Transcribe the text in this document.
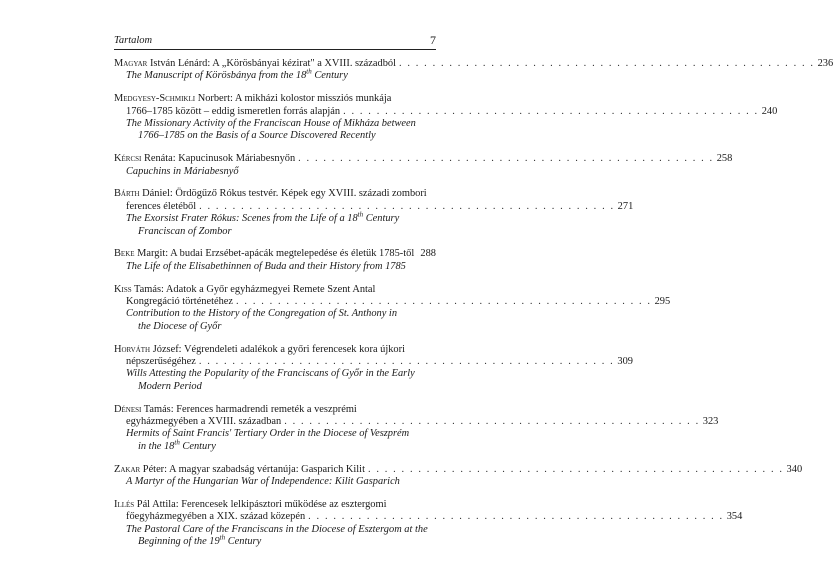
Tartalom	7
Magyar István Lénárd: A „Körösbányai kézirat" a XVIII. századból . . . . . . . . . . . . . . . . . . . . . . . . . . . . . . . . . . . . . . . . . . . . . . . . . . 236
The Manuscript of Körösbánya from the 18th Century
Medgyesy-Schmikli Norbert: A mikházi kolostor missziós munkája
1766–1785 között – eddig ismeretlen forrás alapján . . . . . . . . . . . . . . . . . . . . . . . . . . . . . . . . . . . . . . . . . . . . . . . . . . 240
The Missionary Activity of the Franciscan House of Mikháza between
1766–1785 on the Basis of a Source Discovered Recently
Kércsi Renáta: Kapucinusok Máriabesnyőn . . . . . . . . . . . . . . . . . . . . . . . . . . . . . . . . . . . . . . . . . . . . . . . . . . 258
Capuchins in Máriabesnyő
Bárth Dániel: Ördögűző Rókus testvér. Képek egy XVIII. századi zombori
ferences életéből . . . . . . . . . . . . . . . . . . . . . . . . . . . . . . . . . . . . . . . . . . . . . . . . . . 271
The Exorsist Frater Rókus: Scenes from the Life of a 18th Century
Franciscan of Zombor
Beke Margit: A budai Erzsébet-apácák megtelepedése és életük 1785-től 288
The Life of the Elisabethinnen of Buda and their History from 1785
Kiss Tamás: Adatok a Győr egyházmegyei Remete Szent Antal
Kongregáció történetéhez . . . . . . . . . . . . . . . . . . . . . . . . . . . . . . . . . . . . . . . . . . . . . . . . . . 295
Contribution to the History of the Congregation of St. Anthony in
the Diocese of Győr
Horváth József: Végrendeleti adalékok a győri ferencesek kora újkori
népszerűségéhez . . . . . . . . . . . . . . . . . . . . . . . . . . . . . . . . . . . . . . . . . . . . . . . . . . 309
Wills Attesting the Popularity of the Franciscans of Győr in the Early
Modern Period
Dénesi Tamás: Ferences harmadrendi remeték a veszprémi
egyházmegyében a XVIII. században . . . . . . . . . . . . . . . . . . . . . . . . . . . . . . . . . . . . . . . . . . . . . . . . . . 323
Hermits of Saint Francis' Tertiary Order in the Diocese of Veszprém
in the 18th Century
Zakar Péter: A magyar szabadság vértanúja: Gasparich Kilit . . . . . . . . . . . . . . . . . . . . . . . . . . . . . . . . . . . . . . . . . . . . . . . . . . 340
A Martyr of the Hungarian War of Independence: Kilit Gasparich
Illés Pál Attila: Ferencesek lelkipásztori működése az esztergomi
főegyházmegyében a XIX. század közepén . . . . . . . . . . . . . . . . . . . . . . . . . . . . . . . . . . . . . . . . . . . . . . . . . . 354
The Pastoral Care of the Franciscans in the Diocese of Esztergom at the
Beginning of the 19th Century
